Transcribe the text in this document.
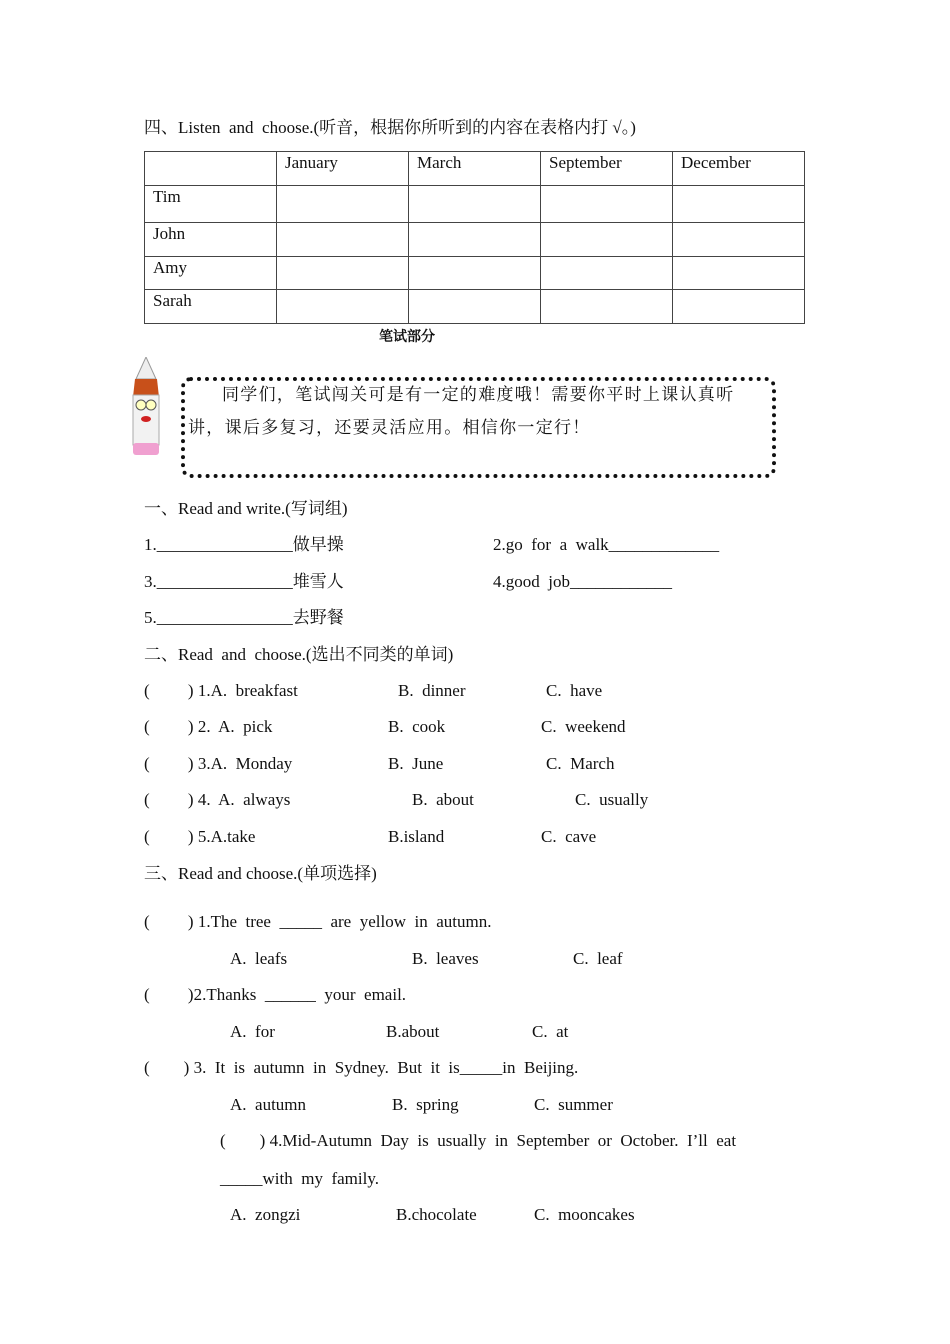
四、Listen  and  choose.(听音，根据你所听到的内容在表格内打 √。)
	January	March	September	December
Tim				
John				
Amy				
Sarah				
笔试部分
同学们，笔试闯关可是有一定的难度哦！需要你平时上课认真听
讲，课后多复习，还要灵活应用。相信你一定行！
一、Read and write.(写词组)
1.________________做早操	2.go  for  a  walk_____________
3.________________堆雪人	4.good  job____________
5.________________去野餐
二、Read  and  choose.(选出不同类的单词)
(         ) 1.A.  breakfast	B.  dinner	C.  have
(         ) 2.  A.  pick	B.  cook	C.  weekend
(         ) 3.A.  Monday	B.  June	C.  March
(         ) 4.  A.  always	B.  about	C.  usually
(         ) 5.A.take	B.island	C.  cave
三、Read and choose.(单项选择)
(         ) 1.The  tree  _____  are  yellow  in  autumn.
A.  leafs	B.  leaves	C.  leaf
(         )2.Thanks  ______  your  email.
A.  for	B.about	C.  at
(        ) 3.  It  is  autumn  in  Sydney.  But  it  is_____in  Beijing.
A.  autumn	B.  spring	C.  summer
(        ) 4.Mid-Autumn  Day  is  usually  in  September  or  October.  I’ll  eat
_____with  my  family.
A.  zongzi	B.chocolate	C.  mooncakes
